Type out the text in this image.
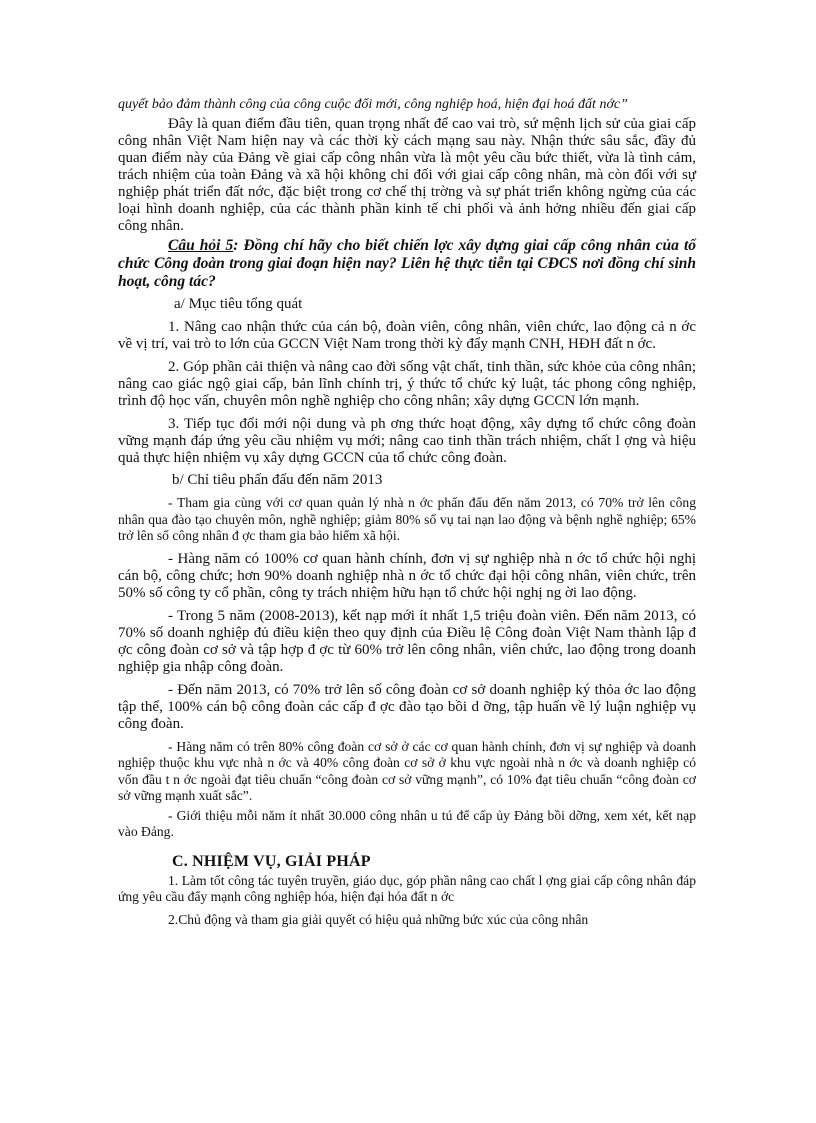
quyết bảo đảm thành công của công cuộc đổi mới, công nghiệp hoá, hiện đại hoá đất nớc”

Đây là quan điểm đầu tiên, quan trọng nhất để cao vai trò, sứ mệnh lịch sử của giai cấp công nhân Việt Nam hiện nay và các thời kỳ cách mạng sau này. Nhận thức sâu sắc, đầy đủ quan điểm này của Đảng về giai cấp công nhân vừa là một yêu cầu bức thiết, vừa là tình cảm, trách nhiệm của toàn Đảng và xã hội không chỉ đối với giai cấp công nhân, mà còn đối với sự nghiệp phát triển đất nớc, đặc biệt trong cơ chế thị trờng và sự phát triển không ngừng của các loại hình doanh nghiệp, của các thành phần kinh tế chi phối và ảnh hởng nhiều đến giai cấp công nhân.

Câu hỏi 5: Đồng chí hãy cho biết chiến lợc xây dựng giai cấp công nhân của tổ chức Công đoàn trong giai đoạn hiện nay? Liên hệ thực tiễn tại CĐCS nơi đồng chí sinh hoạt, công tác?

a/ Mục tiêu tổng quát

1. Nâng cao nhận thức của cán bộ, đoàn viên, công nhân, viên chức, lao động cả n ớc về vị trí, vai trò to lớn của GCCN Việt Nam trong thời kỳ đẩy mạnh CNH, HĐH đất n ớc.

2. Góp phần cải thiện và nâng cao đời sống vật chất, tinh thần, sức khỏe của công nhân; nâng cao giác ngộ giai cấp, bản lĩnh chính trị, ý thức tổ chức kỷ luật, tác phong công nghiệp, trình độ học vấn, chuyên môn nghề nghiệp cho công nhân; xây dựng GCCN lớn mạnh.

3. Tiếp tục đổi mới nội dung và ph ơng thức hoạt động, xây dựng tổ chức công đoàn vững mạnh đáp ứng yêu cầu nhiệm vụ mới; nâng cao tinh thần trách nhiệm, chất l ợng và hiệu quả thực hiện nhiệm vụ xây dựng GCCN của tổ chức công đoàn.

b/ Chỉ tiêu phấn đấu đến năm 2013

- Tham gia cùng với cơ quan quản lý nhà n ớc phấn đấu đến năm 2013, có 70% trở lên công nhân qua đào tạo chuyên môn, nghề nghiệp; giảm 80% số vụ tai nạn lao động và bệnh nghề nghiệp; 65% trở lên số công nhân đ ợc tham gia bảo hiểm xã hội.

- Hàng năm có 100% cơ quan hành chính, đơn vị sự nghiệp nhà n ớc tổ chức hội nghị cán bộ, công chức; hơn 90% doanh nghiệp nhà n ớc tổ chức đại hội công nhân, viên chức, trên 50% số công ty cổ phần, công ty trách nhiệm hữu hạn tổ chức hội nghị ng ời lao động.

- Trong 5 năm (2008-2013), kết nạp mới ít nhất 1,5 triệu đoàn viên. Đến năm 2013, có 70% số doanh nghiệp đủ điều kiện theo quy định của Điều lệ Công đoàn Việt Nam thành lập đ ợc công đoàn cơ sở và tập hợp đ ợc từ 60% trở lên công nhân, viên chức, lao động trong doanh nghiệp gia nhập công đoàn.

- Đến năm 2013, có 70% trở lên số công đoàn cơ sở doanh nghiệp ký thỏa ớc lao động tập thể, 100% cán bộ công đoàn các cấp đ ợc đào tạo bồi d ỡng, tập huấn về lý luận nghiệp vụ công đoàn.

- Hàng năm có trên 80% công đoàn cơ sở ở các cơ quan hành chính, đơn vị sự nghiệp và doanh nghiệp thuộc khu vực nhà n ớc và 40% công đoàn cơ sở ở khu vực ngoài nhà n ớc và doanh nghiệp có vốn đầu t n ớc ngoài đạt tiêu chuẩn “công đoàn cơ sở vững mạnh”, có 10% đạt tiêu chuẩn “công đoàn cơ sở vững mạnh xuất sắc”.

- Giới thiệu mỗi năm ít nhất 30.000 công nhân u tú để cấp ủy Đảng bồi dỡng, xem xét, kết nạp vào Đảng.

C. NHIỆM VỤ, GIẢI PHÁP

1. Làm tốt công tác tuyên truyền, giáo dục, góp phần nâng cao chất l ợng giai cấp công nhân đáp ứng yêu cầu đẩy mạnh công nghiệp hóa, hiện đại hóa đất n ớc

2.Chủ động và tham gia giải quyết có hiệu quả những bức xúc của công nhân
